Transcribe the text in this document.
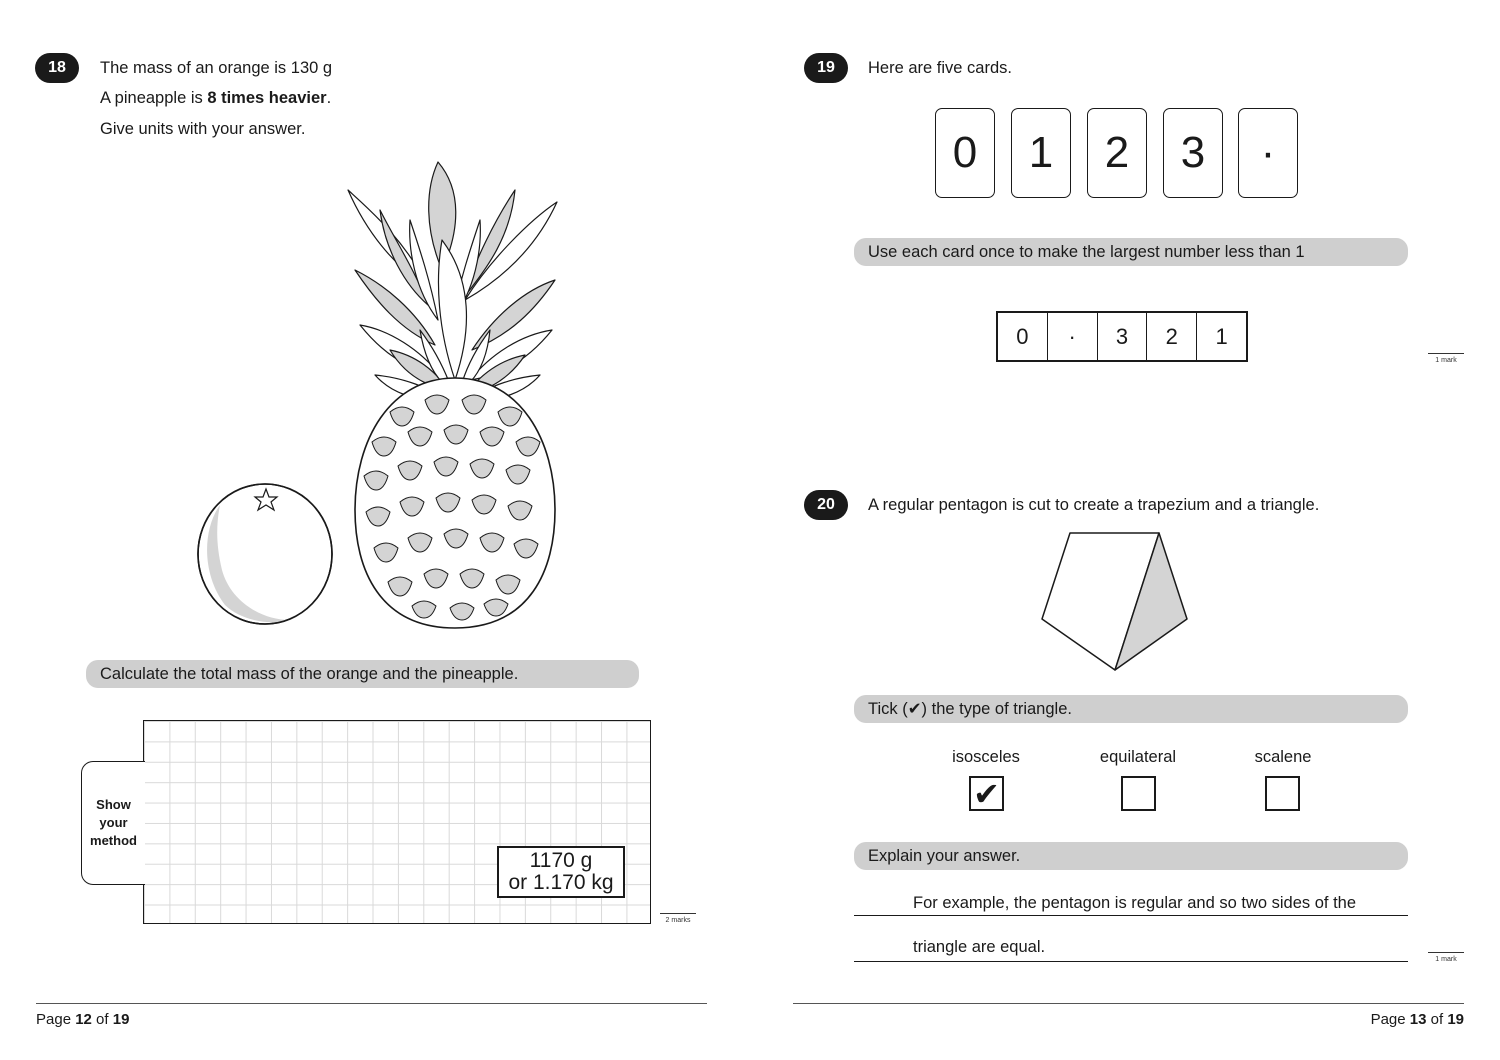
18	The mass of an orange is 130 g
A pineapple is 8 times heavier.
Give units with your answer.
Calculate the total mass of the orange and the pineapple.
Show
your
method
1170 g
or 1.170 kg
2 marks
Page 12 of 19
19	Here are five cards.
0	1	2	3	·
Use each card once to make the largest number less than 1
0	·	3	2	1
1 mark
20	A regular pentagon is cut to create a trapezium and a triangle.
Tick (✔) the type of triangle.
isosceles	equilateral	scalene
✔
Explain your answer.
For example, the pentagon is regular and so two sides of the
triangle are equal.
1 mark
Page 13 of 19
